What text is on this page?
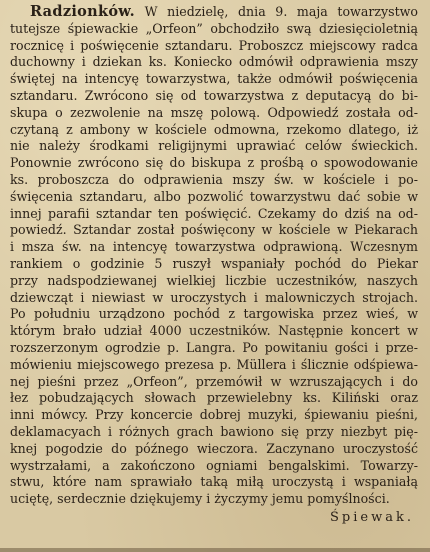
Radzionków. W niedzielę, dnia 9. maja towarzystwo
tutejsze śpiewackie „Orfeon” obchodziło swą dziesięcioletnią
rocznicę i poświęcenie sztandaru. Proboszcz miejscowy radca
duchowny i dziekan ks. Koniecko odmówił odprawienia mszy
świętej na intencyę towarzystwa, także odmówił poświęcenia
sztandaru. Zwrócono się od towarzystwa z deputacyą do bi-
skupa o zezwolenie na mszę polową. Odpowiedź została od-
czytaną z ambony w kościele odmowna, rzekomo dlatego, iż
nie należy środkami religijnymi uprawiać celów świeckich.
Ponownie zwrócono się do biskupa z prośbą o spowodowanie
ks. proboszcza do odprawienia mszy św. w kościele i po-
święcenia sztandaru, albo pozwolić towarzystwu dać sobie w
innej parafii sztandar ten poświęcić. Czekamy do dziś na od-
powiedź. Sztandar został poświęcony w kościele w Piekarach
i msza św. na intencyę towarzystwa odprawioną. Wczesnym
rankiem o godzinie 5 ruszył wspaniały pochód do Piekar
przy nadspodziewanej wielkiej liczbie uczestników, naszych
dziewcząt i niewiast w uroczystych i malowniczych strojach.
Po południu urządzono pochód z targowiska przez wieś, w
którym brało udział 4000 uczestników. Następnie koncert w
rozszerzonym ogrodzie p. Langra. Po powitaniu gości i prze-
mówieniu miejscowego prezesa p. Müllera i ślicznie odśpiewa-
nej pieśni przez „Orfeon”, przemówił w wzruszających i do
łez pobudzających słowach przewielebny ks. Kiliński oraz
inni mówcy. Przy koncercie dobrej muzyki, śpiewaniu pieśni,
deklamacyach i różnych grach bawiono się przy niezbyt pię-
knej pogodzie do późnego wieczora. Zaczynano uroczystość
wystrzałami, a zakończono ogniami bengalskimi. Towarzy-
stwu, które nam sprawiało taką miłą uroczystą i wspaniałą
uciętę, serdecznie dziękujemy i życzymy jemu pomyślności.
Śpiewak.
